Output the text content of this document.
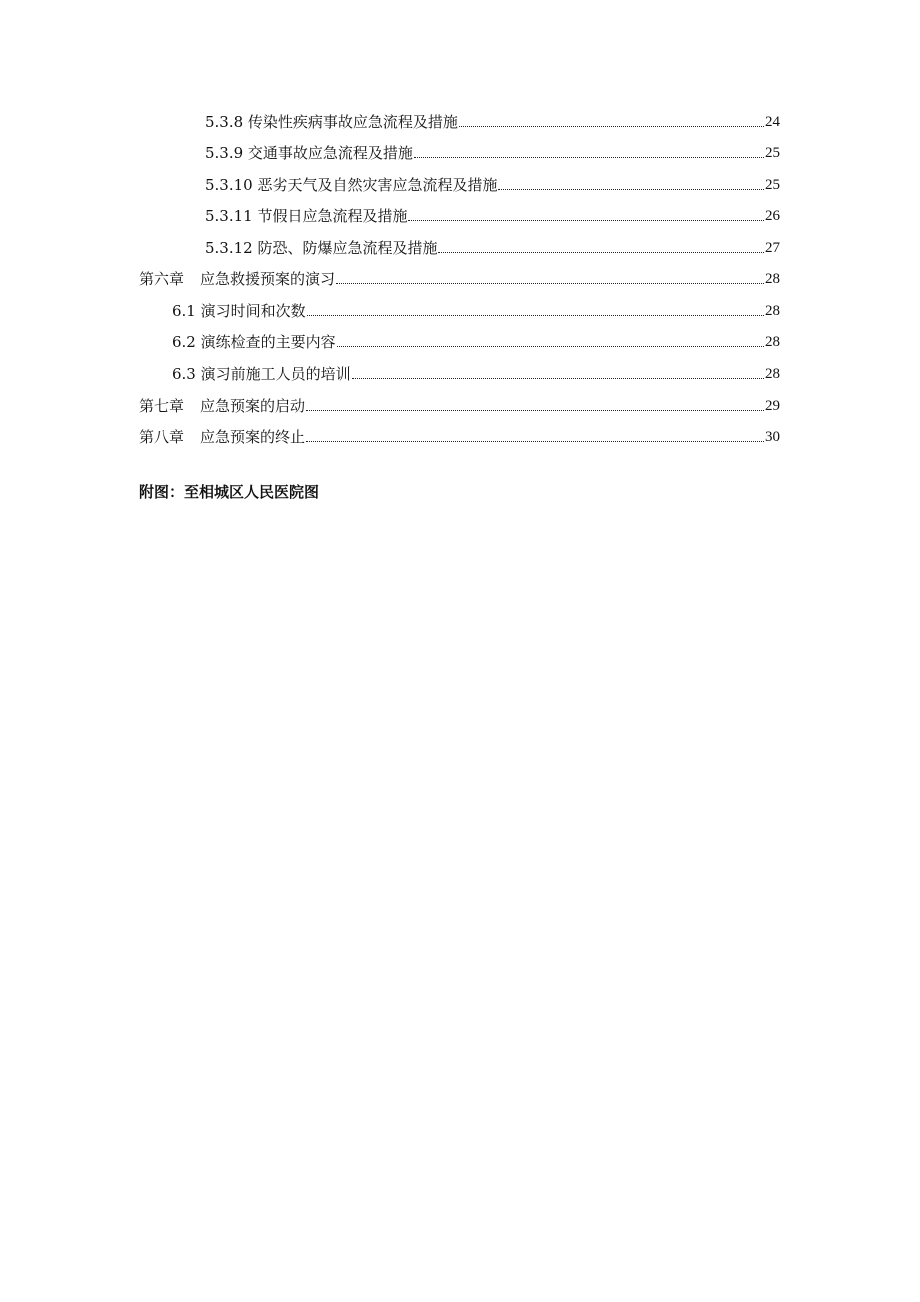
5.3.8 传染性疾病事故应急流程及措施	24
5.3.9 交通事故应急流程及措施	25
5.3.10 恶劣天气及自然灾害应急流程及措施	25
5.3.11 节假日应急流程及措施	26
5.3.12 防恐、防爆应急流程及措施	27
第六章 应急救援预案的演习	28
6.1 演习时间和次数	28
6.2 演练检查的主要内容	28
6.3 演习前施工人员的培训	28
第七章 应急预案的启动	29
第八章 应急预案的终止	30
附图：至相城区人民医院图
